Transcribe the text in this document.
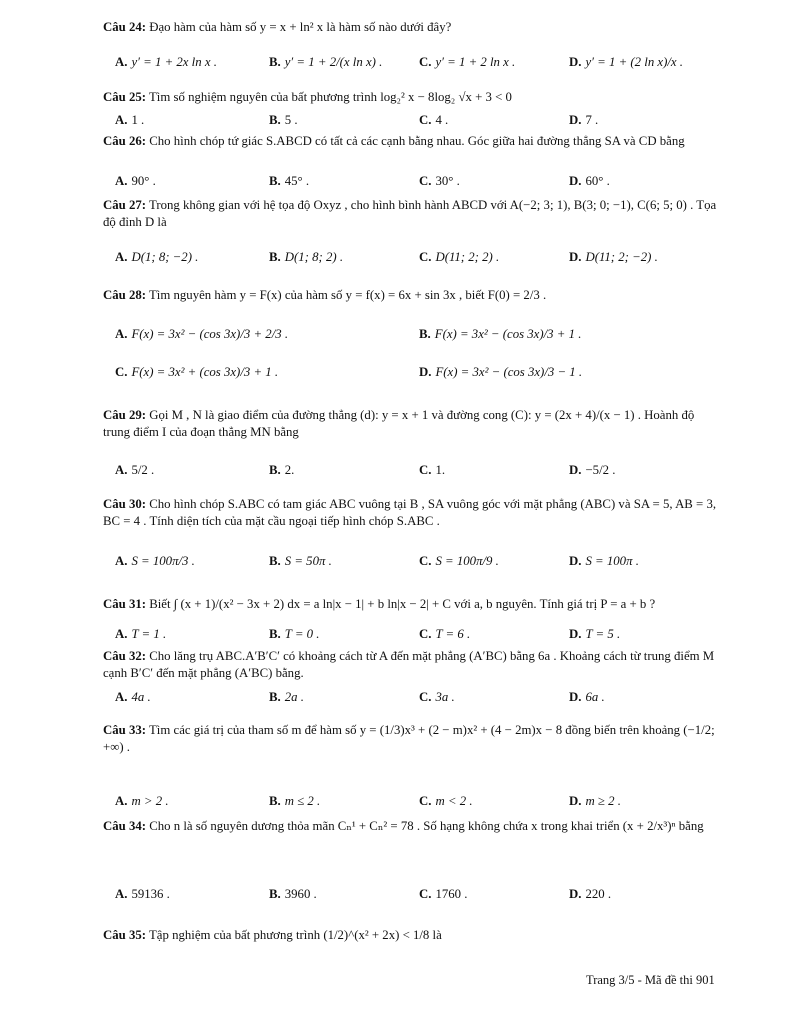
Câu 24: Đạo hàm của hàm số y = x + ln² x là hàm số nào dưới đây?
A. y′ = 1 + 2x ln x .	B. y′ = 1 + 2/(x ln x) .	C. y′ = 1 + 2 ln x .	D. y′ = 1 + (2 ln x)/x .
Câu 25: Tìm số nghiệm nguyên của bất phương trình log₂² x − 8log₂ √x + 3 < 0
A. 1 .	B. 5 .	C. 4 .	D. 7 .
Câu 26: Cho hình chóp tứ giác S.ABCD có tất cả các cạnh bằng nhau. Góc giữa hai đường thẳng SA và CD bằng
A. 90° .	B. 45° .	C. 30° .	D. 60° .
Câu 27: Trong không gian với hệ tọa độ Oxyz , cho hình bình hành ABCD với A(−2; 3; 1), B(3; 0; −1), C(6; 5; 0) . Tọa độ đỉnh D là
A. D(1; 8; −2) .	B. D(1; 8; 2) .	C. D(11; 2; 2) .	D. D(11; 2; −2) .
Câu 28: Tìm nguyên hàm y = F(x) của hàm số y = f(x) = 6x + sin 3x , biết F(0) = 2/3 .
A. F(x) = 3x² − (cos 3x)/3 + 2/3 .	B. F(x) = 3x² − (cos 3x)/3 + 1 .
C. F(x) = 3x² + (cos 3x)/3 + 1 .	D. F(x) = 3x² − (cos 3x)/3 − 1 .
Câu 29: Gọi M , N là giao điểm của đường thẳng (d): y = x + 1 và đường cong (C): y = (2x + 4)/(x − 1) . Hoành độ trung điểm I của đoạn thẳng MN bằng
A. 5/2 .	B. 2.	C. 1.	D. −5/2 .
Câu 30: Cho hình chóp S.ABC có tam giác ABC vuông tại B , SA vuông góc với mặt phẳng (ABC) và SA = 5, AB = 3, BC = 4 . Tính diện tích của mặt cầu ngoại tiếp hình chóp S.ABC .
A. S = 100π/3 .	B. S = 50π .	C. S = 100π/9 .	D. S = 100π .
Câu 31: Biết ∫ (x + 1)/(x² − 3x + 2) dx = a ln|x − 1| + b ln|x − 2| + C với a, b nguyên. Tính giá trị P = a + b ?
A. T = 1 .	B. T = 0 .	C. T = 6 .	D. T = 5 .
Câu 32: Cho lăng trụ ABC.A′B′C′ có khoảng cách từ A đến mặt phẳng (A′BC) bằng 6a . Khoảng cách từ trung điểm M cạnh B′C′ đến mặt phẳng (A′BC) bằng.
A. 4a .	B. 2a .	C. 3a .	D. 6a .
Câu 33: Tìm các giá trị của tham số m để hàm số y = (1/3)x³ + (2 − m)x² + (4 − 2m)x − 8 đồng biến trên khoảng (−1/2; +∞) .
A. m > 2 .	B. m ≤ 2 .	C. m < 2 .	D. m ≥ 2 .
Câu 34: Cho n là số nguyên dương thỏa mãn Cₙ¹ + Cₙ² = 78 . Số hạng không chứa x trong khai triển (x + 2/x³)ⁿ bằng
A. 59136 .	B. 3960 .	C. 1760 .	D. 220 .
Câu 35: Tập nghiệm của bất phương trình (1/2)^(x² + 2x) < 1/8 là
Trang 3/5 - Mã đề thi 901
